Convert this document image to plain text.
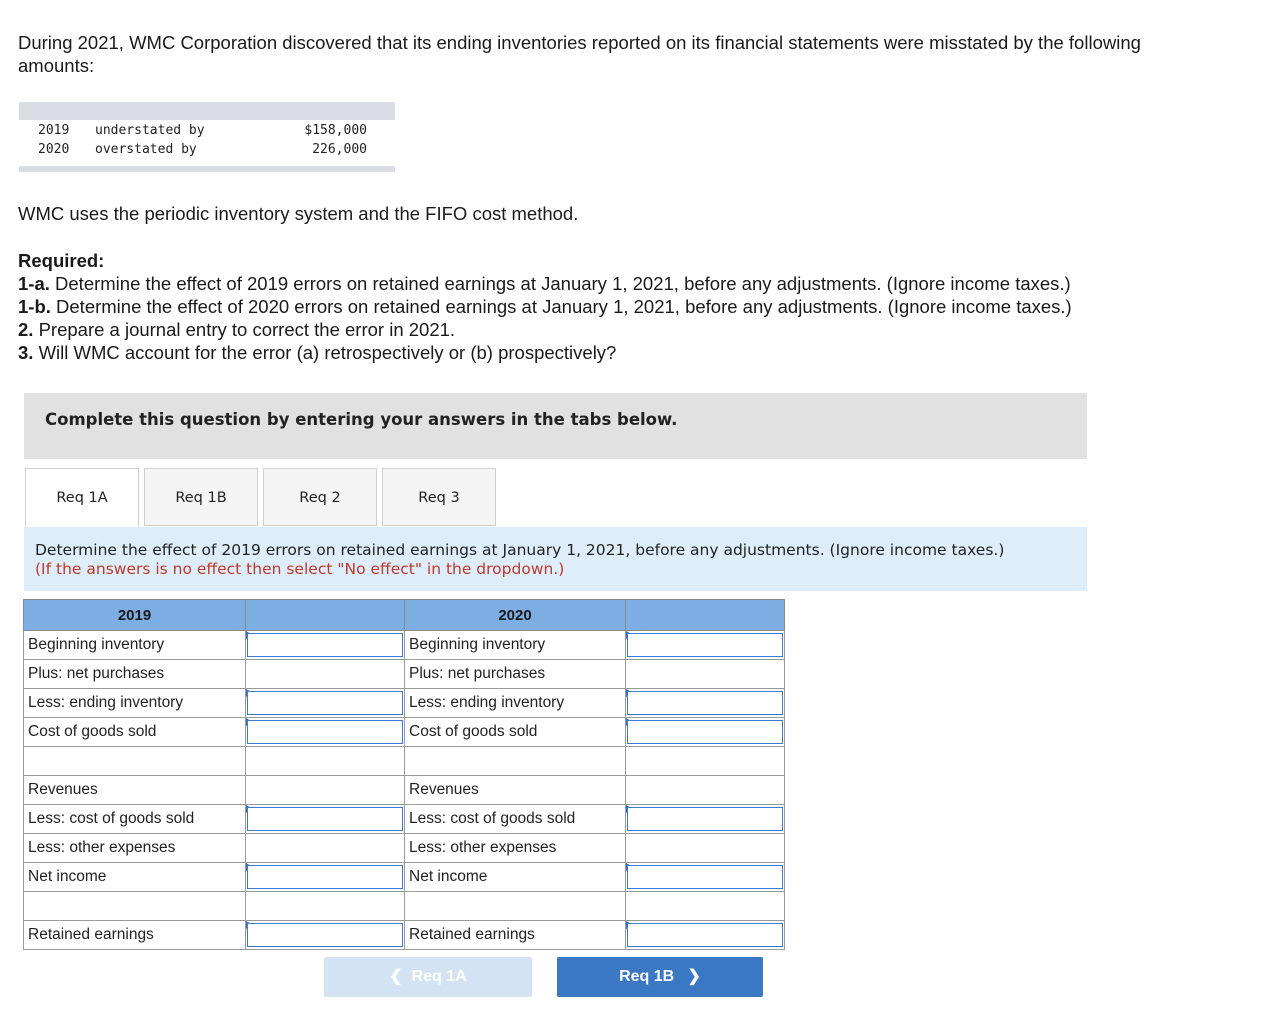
During 2021, WMC Corporation discovered that its ending inventories reported on its financial statements were misstated by the following amounts:
2019 understated by	$158,000
2020 overstated by	226,000
WMC uses the periodic inventory system and the FIFO cost method.
Required:
1-a. Determine the effect of 2019 errors on retained earnings at January 1, 2021, before any adjustments. (Ignore income taxes.)
1-b. Determine the effect of 2020 errors on retained earnings at January 1, 2021, before any adjustments. (Ignore income taxes.)
2. Prepare a journal entry to correct the error in 2021.
3. Will WMC account for the error (a) retrospectively or (b) prospectively?
Complete this question by entering your answers in the tabs below.
Req 1A	Req 1B	Req 2	Req 3
Determine the effect of 2019 errors on retained earnings at January 1, 2021, before any adjustments. (Ignore income taxes.)
(If the answers is no effect then select "No effect" in the dropdown.)
2019		2020	
Beginning inventory		Beginning inventory	

Plus: net purchases		Plus: net purchases	
Less: ending inventory		Less: ending inventory	

Cost of goods sold		Cost of goods sold	

Revenues		Revenues	
Less: cost of goods sold		Less: cost of goods sold	

Less: other expenses		Less: other expenses	
Net income		Net income	

Retained earnings		Retained earnings	
❮ Req 1A	Req 1B ❯
